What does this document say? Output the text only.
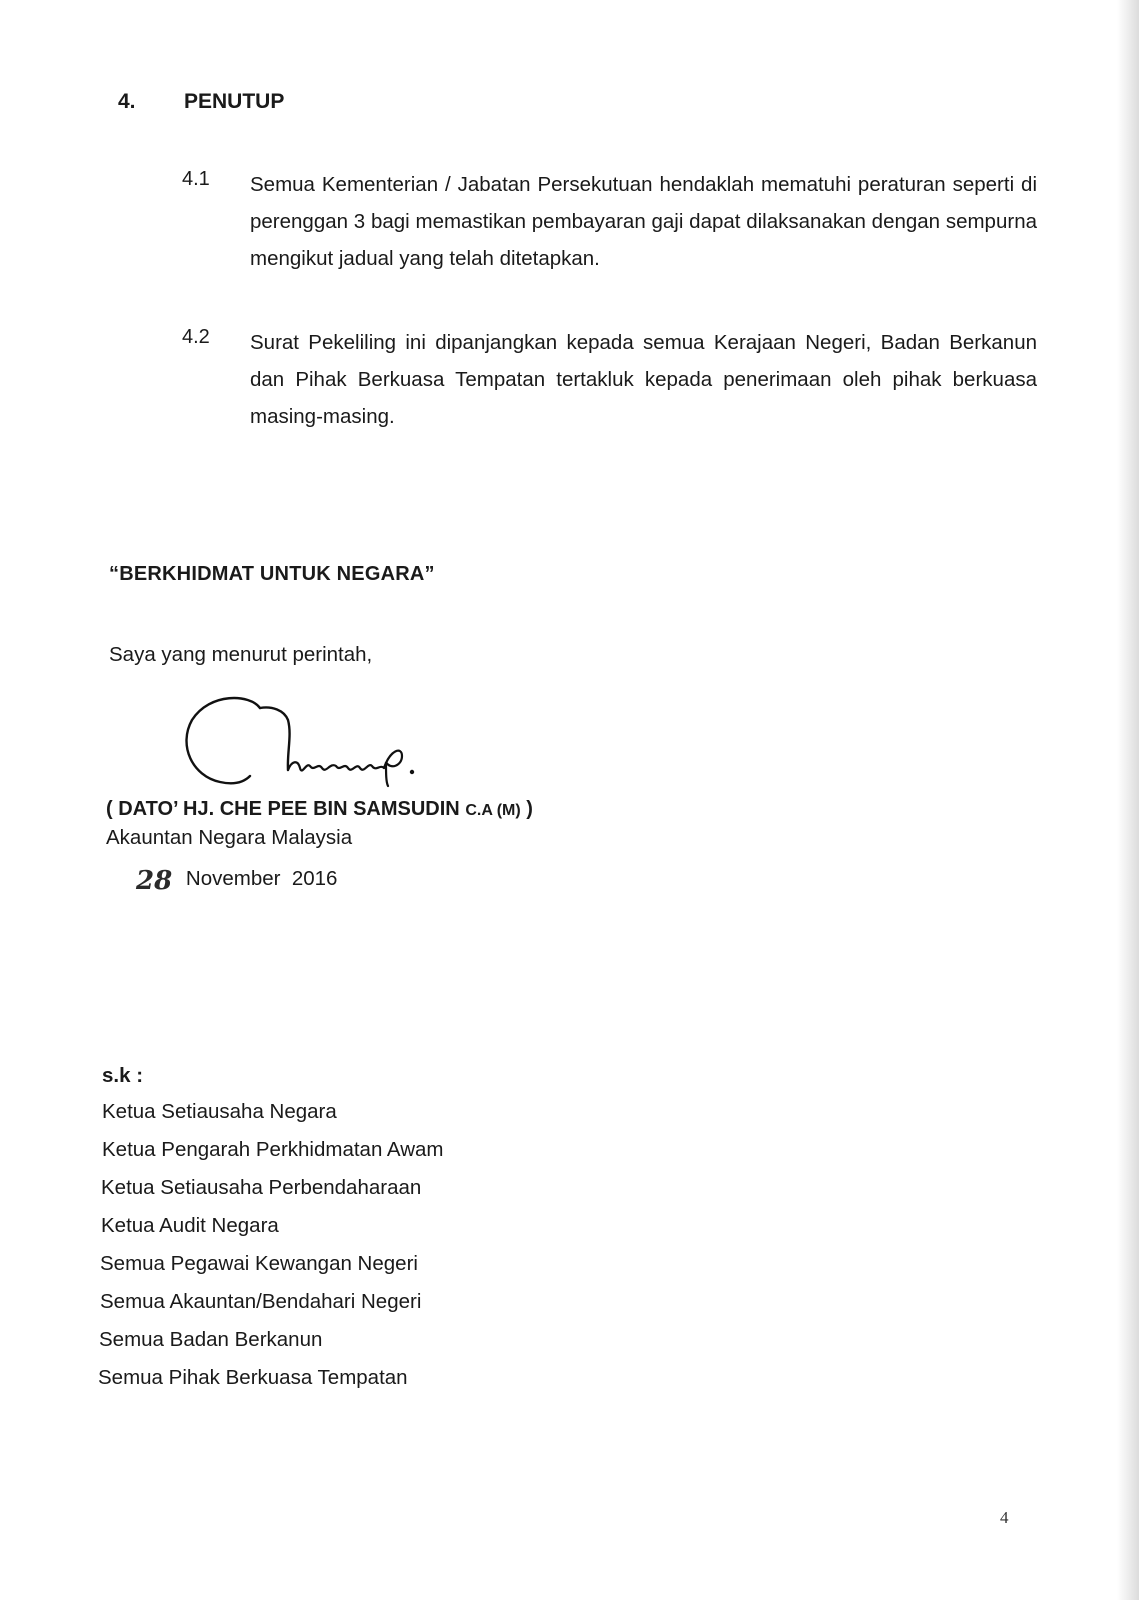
4. PENUTUP
4.1 Semua Kementerian / Jabatan Persekutuan hendaklah mematuhi peraturan seperti di perenggan 3 bagi memastikan pembayaran gaji dapat dilaksanakan dengan sempurna mengikut jadual yang telah ditetapkan.
4.2 Surat Pekeliling ini dipanjangkan kepada semua Kerajaan Negeri, Badan Berkanun dan Pihak Berkuasa Tempatan tertakluk kepada penerimaan oleh pihak berkuasa masing-masing.
“BERKHIDMAT UNTUK NEGARA”
Saya yang menurut perintah,
( DATO’ HJ. CHE PEE BIN SAMSUDIN C.A (M) )
Akauntan Negara Malaysia
28 November  2016
s.k :
Ketua Setiausaha Negara
Ketua Pengarah Perkhidmatan Awam
Ketua Setiausaha Perbendaharaan
Ketua Audit Negara
Semua Pegawai Kewangan Negeri
Semua Akauntan/Bendahari Negeri
Semua Badan Berkanun
Semua Pihak Berkuasa Tempatan
4
